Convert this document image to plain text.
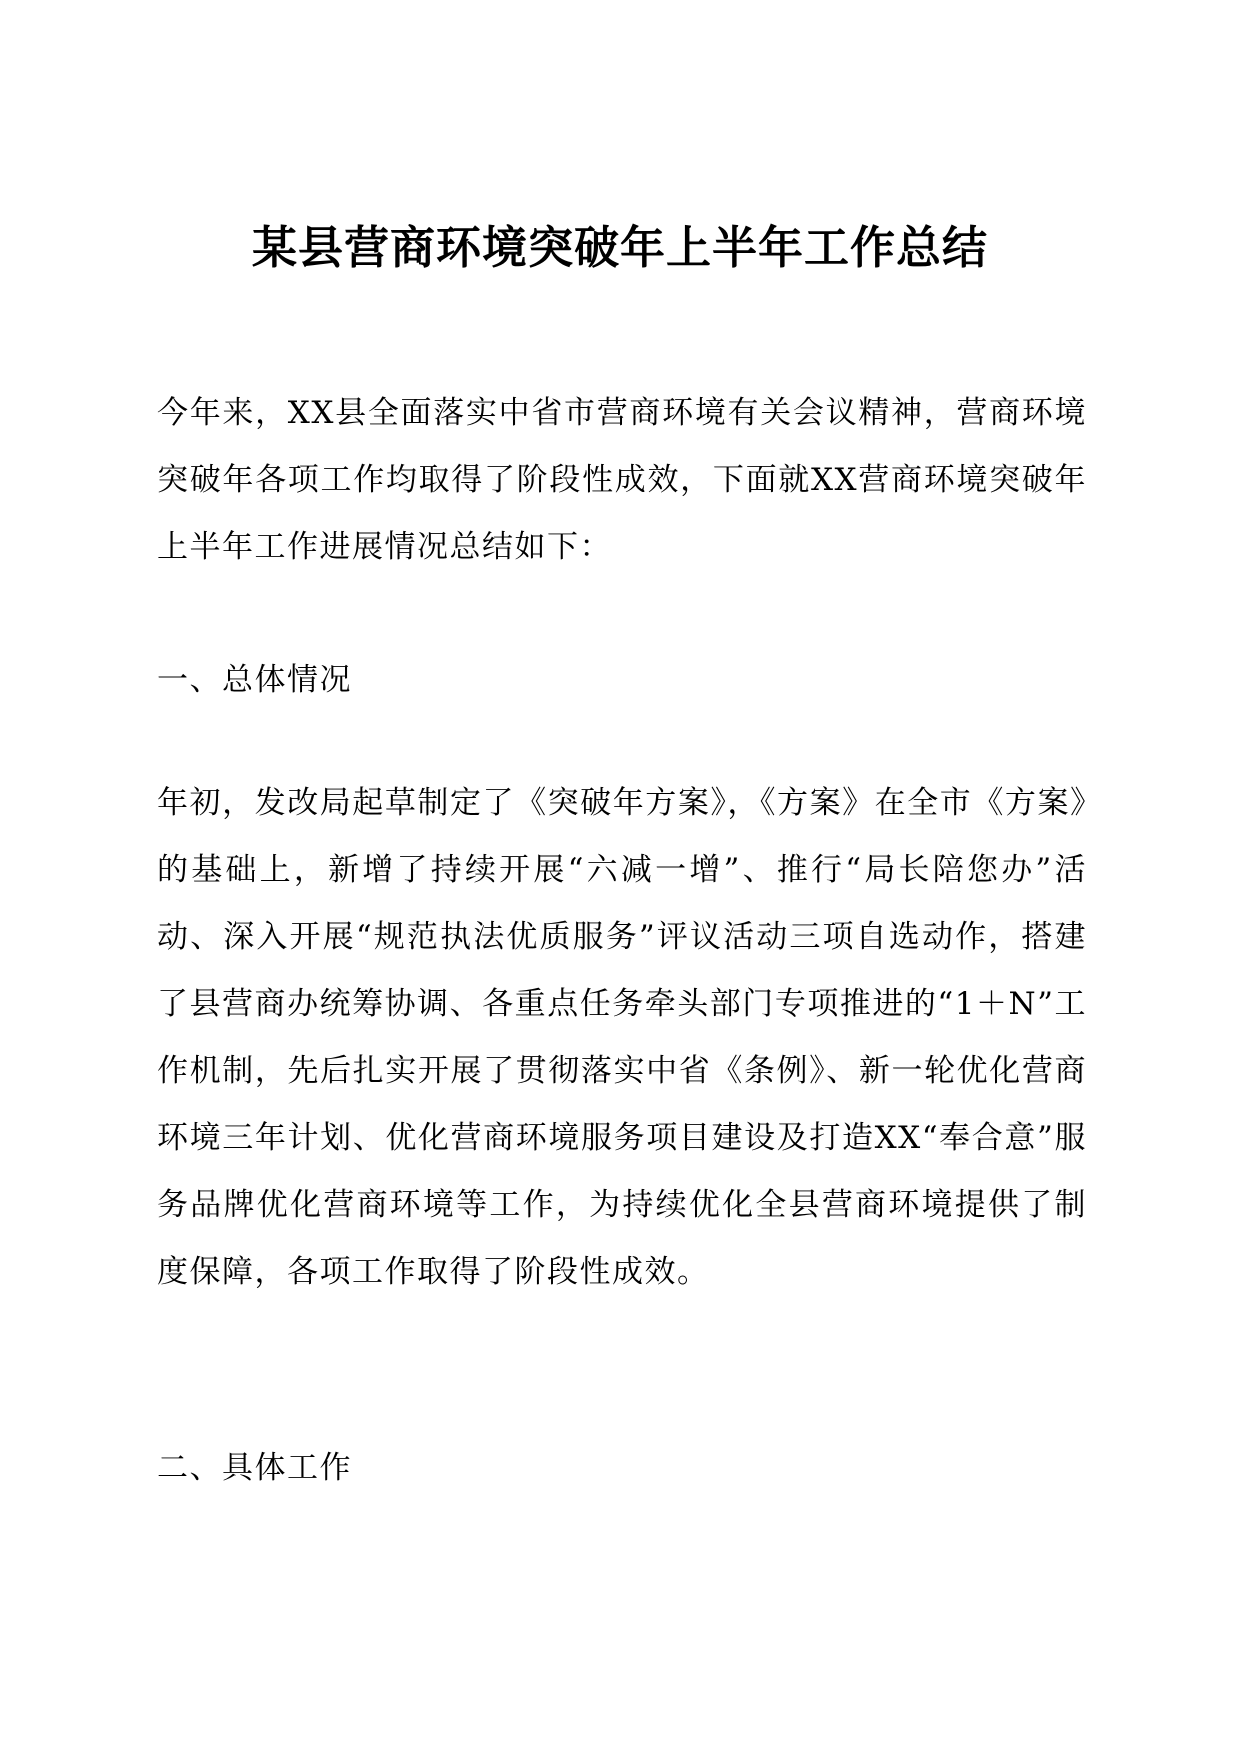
某县营商环境突破年上半年工作总结
今年来，XX县全面落实中省市营商环境有关会议精神，营商环境突破年各项工作均取得了阶段性成效，下面就XX营商环境突破年上半年工作进展情况总结如下：
一、总体情况
年初，发改局起草制定了《突破年方案》，《方案》在全市《方案》的基础上，新增了持续开展“六减一增”、推行“局长陪您办”活动、深入开展“规范执法优质服务”评议活动三项自选动作，搭建了县营商办统筹协调、各重点任务牵头部门专项推进的“1＋N”工作机制，先后扎实开展了贯彻落实中省《条例》、新一轮优化营商环境三年计划、优化营商环境服务项目建设及打造XX“奉合意”服务品牌优化营商环境等工作，为持续优化全县营商环境提供了制度保障，各项工作取得了阶段性成效。
二、具体工作
